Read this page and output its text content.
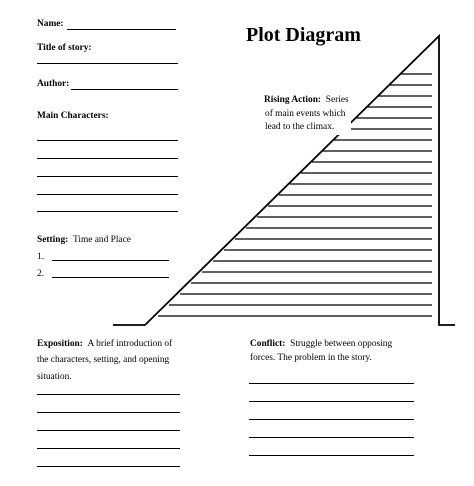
Name:
Title of story:
Author:
Main Characters:
Plot Diagram
Setting: Time and Place
1.
2.
Rising Action: Series
of main events which
lead to the climax.
Exposition: A brief introduction of
the characters, setting, and opening
situation.
Conflict: Struggle between opposing
forces. The problem in the story.
